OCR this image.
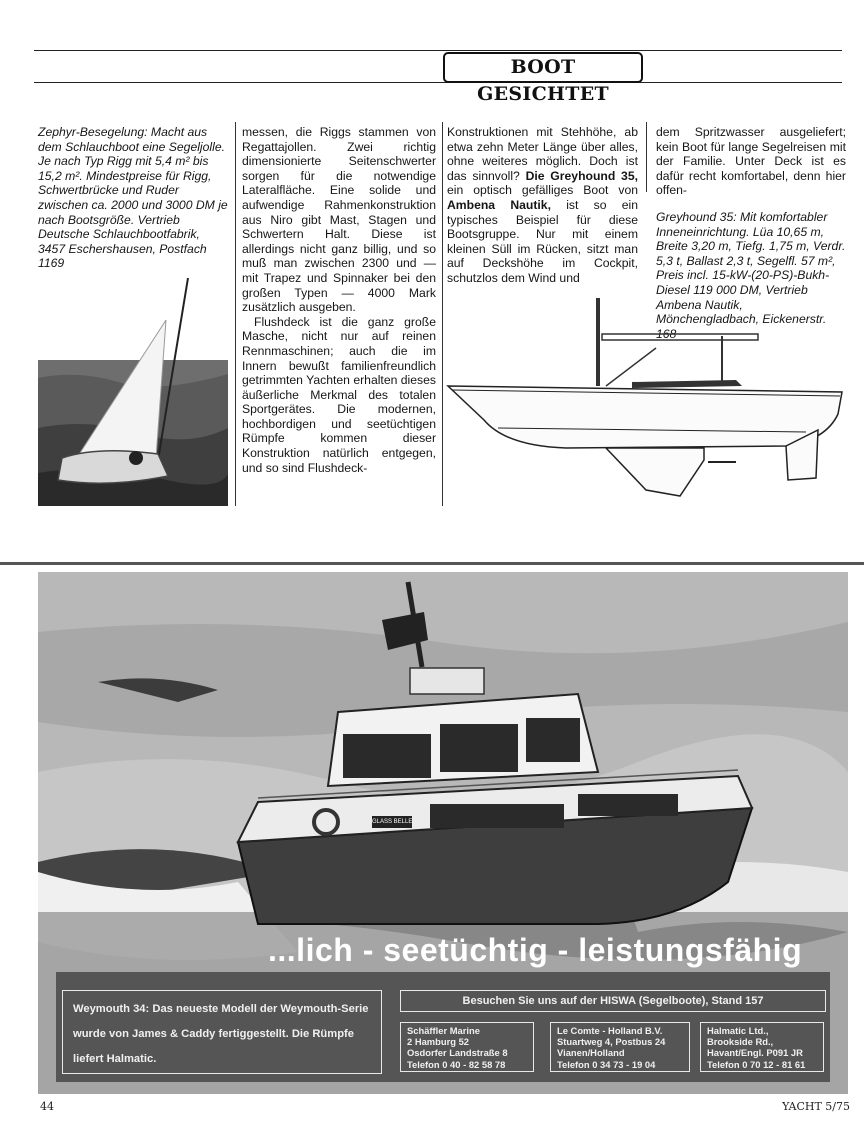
BOOT GESICHTET
Zephyr-Besegelung: Macht aus dem Schlauchboot eine Segeljolle. Je nach Typ Rigg mit 5,4 m² bis 15,2 m². Mindestpreise für Rigg, Schwertbrücke und Ruder zwischen ca. 2000 und 3000 DM je nach Bootsgröße. Vertrieb Deutsche Schlauchbootfabrik, 3457 Eschershausen, Postfach 1169

messen, die Riggs stammen von Regattajollen. Zwei richtig dimensionierte Seitenschwerter sorgen für die notwendige Lateralfläche. Eine solide und aufwendige Rahmenkonstruktion aus Niro gibt Mast, Stagen und Schwertern Halt. Diese ist allerdings nicht ganz billig, und so muß man zwischen 2300 und — mit Trapez und Spinnaker bei den großen Typen — 4000 Mark zusätzlich ausgeben.

Flushdeck ist die ganz große Masche, nicht nur auf reinen Rennmaschinen; auch die im Innern bewußt familienfreundlich getrimmten Yachten erhalten dieses äußerliche Merkmal des totalen Sportgerätes. Die modernen, hochbordigen und seetüchtigen Rümpfe kommen dieser Konstruktion natürlich entgegen, und so sind Flushdeck-

Konstruktionen mit Stehhöhe, ab etwa zehn Meter Länge über alles, ohne weiteres möglich. Doch ist das sinnvoll? Die Greyhound 35, ein optisch gefälliges Boot von Ambena Nautik, ist so ein typisches Beispiel für diese Bootsgruppe. Nur mit einem kleinen Süll im Rücken, sitzt man auf Deckshöhe im Cockpit, schutzlos dem Wind und

dem Spritzwasser ausgeliefert; kein Boot für lange Segelreisen mit der Familie. Unter Deck ist es dafür recht komfortabel, denn hier offen-

Greyhound 35: Mit komfortabler Inneneinrichtung. Lüa 10,65 m, Breite 3,20 m, Tiefg. 1,75 m, Verdr. 5,3 t, Ballast 2,3 t, Segelfl. 57 m², Preis incl. 15-kW-(20-PS)-Bukh-Diesel 119 000 DM, Vertrieb Ambena Nautik, Mönchengladbach, Eickenerstr. 168

...lich - seetüchtig - leistungsfähig
Weymouth 34: Das neueste Modell der Weymouth-Serie wurde von James & Caddy fertiggestellt. Die Rümpfe liefert Halmatic.
Besuchen Sie uns auf der HISWA (Segelboote), Stand 157
Schäffler Marine
2 Hamburg 52
Osdorfer Landstraße 8
Telefon 0 40 - 82 58 78
Le Comte - Holland B.V.
Stuartweg 4, Postbus 24
Vianen/Holland
Telefon 0 34 73 - 19 04
Halmatic Ltd.,
Brookside Rd.,
Havant/Engl. P091 JR
Telefon 0 70 12 - 81 61
GLASS BELLE
44	YACHT 5/75
